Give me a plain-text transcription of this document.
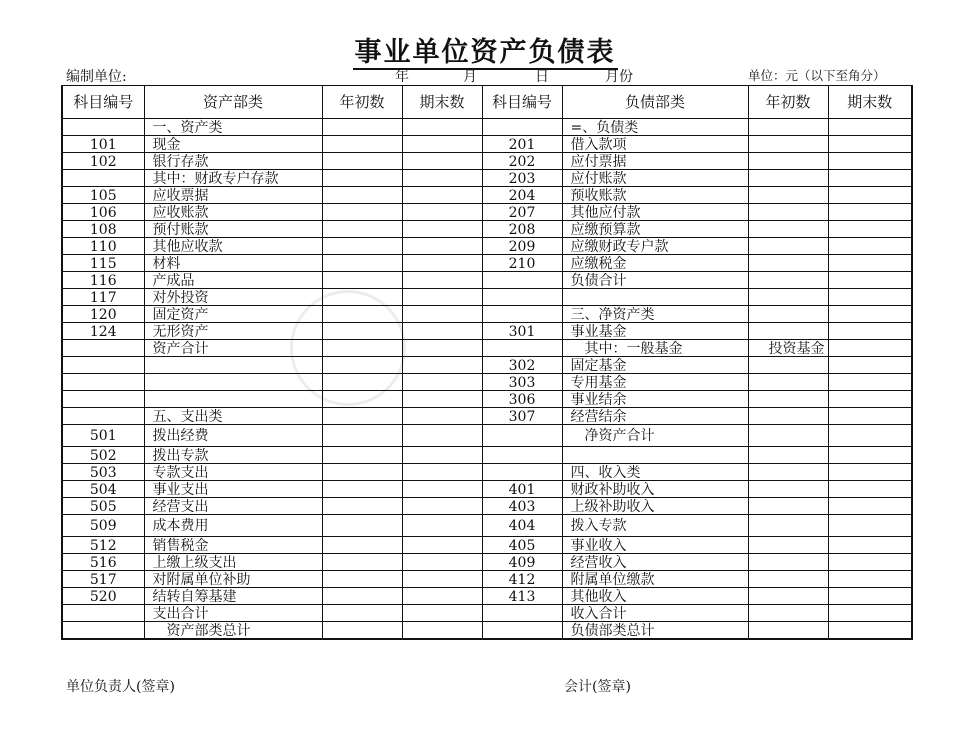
事业单位资产负债表
编制单位:	年	月	日	月份	单位：元（以下至角分）
科目编号	资产部类	年初数	期末数	科目编号	负债部类	年初数	期末数
	一、资产类				=、负债类		
101	现金			201	借入款项		
102	银行存款			202	应付票据		
	其中：财政专户存款			203	应付账款		
105	应收票据			204	预收账款		
106	应收账款			207	其他应付款		
108	预付账款			208	应缴预算款		
110	其他应收款			209	应缴财政专户款		
115	材料			210	应缴税金		
116	产成品				负债合计		
117	对外投资						
120	固定资产				三、净资产类		
124	无形资产			301	事业基金		
	资产合计				其中：一般基金	投资基金	
				302	固定基金		
				303	专用基金		
				306	事业结余		
	五、支出类			307	经营结余		
501	拨出经费				净资产合计		
502	拨出专款						
503	专款支出				四、收入类		
504	事业支出			401	财政补助收入		
505	经营支出			403	上级补助收入		
509	成本费用			404	拨入专款		
512	销售税金			405	事业收入		
516	上缴上级支出			409	经营收入		
517	对附属单位补助			412	附属单位缴款		
520	结转自筹基建			413	其他收入		
	支出合计				收入合计		
	资产部类总计				负债部类总计		
单位负责人(签章)	会计(签章)
